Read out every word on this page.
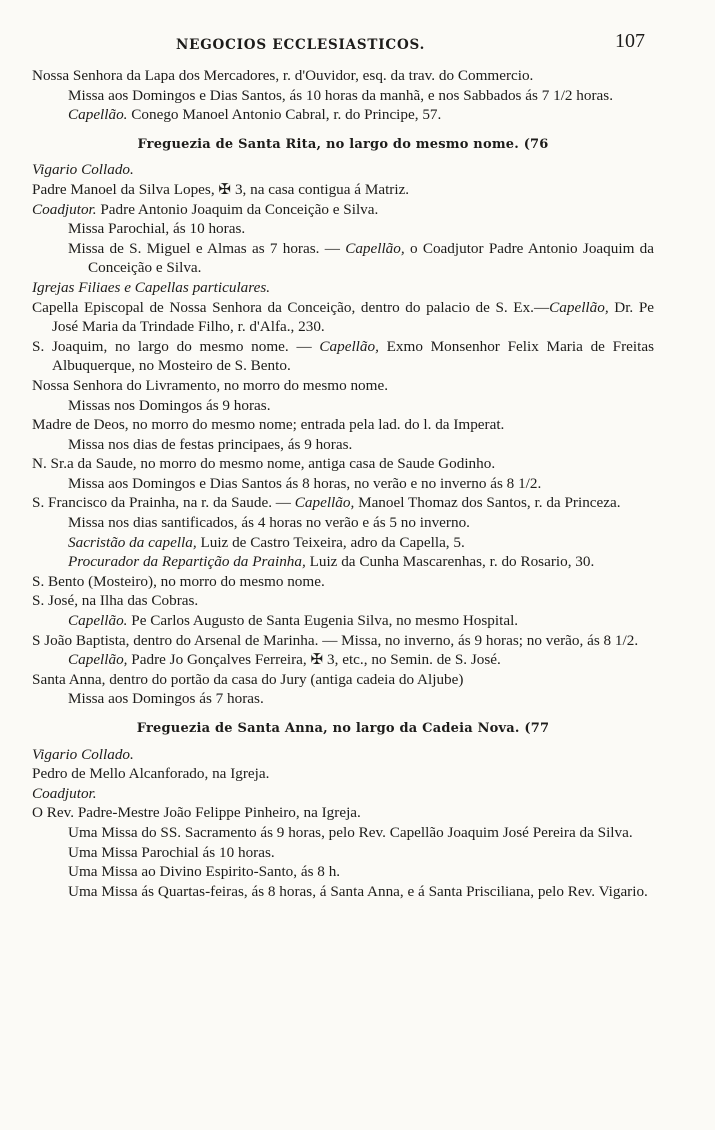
NEGOCIOS ECCLESIASTICOS.	107

Nossa Senhora da Lapa dos Mercadores, r. d'Ouvidor, esq. da trav. do Commercio.

Missa aos Domingos e Dias Santos, ás 10 horas da manhã, e nos Sabbados ás 7 1/2 horas.

Capellão. Conego Manoel Antonio Cabral, r. do Principe, 57.

Freguezia de Santa Rita, no largo do mesmo nome. (76

Vigario Collado.

Padre Manoel da Silva Lopes, ✠ 3, na casa contigua á Matriz.

Coadjutor. Padre Antonio Joaquim da Conceição e Silva.

Missa Parochial, ás 10 horas.

Missa de S. Miguel e Almas as 7 horas. — Capellão, o Coadjutor Padre Antonio Joaquim da Conceição e Silva.

Igrejas Filiaes e Capellas particulares.

Capella Episcopal de Nossa Senhora da Conceição, dentro do palacio de S. Ex.—Capellão, Dr. Pe José Maria da Trindade Filho, r. d'Alfa., 230.

S. Joaquim, no largo do mesmo nome. — Capellão, Exmo Monsenhor Felix Maria de Freitas Albuquerque, no Mosteiro de S. Bento.

Nossa Senhora do Livramento, no morro do mesmo nome.

Missas nos Domingos ás 9 horas.

Madre de Deos, no morro do mesmo nome; entrada pela lad. do l. da Imperat.

Missa nos dias de festas principaes, ás 9 horas.

N. Sr.a da Saude, no morro do mesmo nome, antiga casa de Saude Godinho.

Missa aos Domingos e Dias Santos ás 8 horas, no verão e no inverno ás 8 1/2.

S. Francisco da Prainha, na r. da Saude. — Capellão, Manoel Thomaz dos Santos, r. da Princeza.

Missa nos dias santificados, ás 4 horas no verão e ás 5 no inverno.

Sacristão da capella, Luiz de Castro Teixeira, adro da Capella, 5.

Procurador da Repartição da Prainha, Luiz da Cunha Mascarenhas, r. do Rosario, 30.

S. Bento (Mosteiro), no morro do mesmo nome.

S. José, na Ilha das Cobras.

Capellão. Pe Carlos Augusto de Santa Eugenia Silva, no mesmo Hospital.

S João Baptista, dentro do Arsenal de Marinha. — Missa, no inverno, ás 9 horas; no verão, ás 8 1/2.

Capellão, Padre Jo Gonçalves Ferreira, ✠ 3, etc., no Semin. de S. José.

Santa Anna, dentro do portão da casa do Jury (antiga cadeia do Aljube)

Missa aos Domingos ás 7 horas.

Freguezia de Santa Anna, no largo da Cadeia Nova. (77

Vigario Collado.

Pedro de Mello Alcanforado, na Igreja.

Coadjutor.

O Rev. Padre-Mestre João Felippe Pinheiro, na Igreja.

Uma Missa do SS. Sacramento ás 9 horas, pelo Rev. Capellão Joaquim José Pereira da Silva.

Uma Missa Parochial ás 10 horas.

Uma Missa ao Divino Espirito-Santo, ás 8 h.

Uma Missa ás Quartas-feiras, ás 8 horas, á Santa Anna, e á Santa Prisciliana, pelo Rev. Vigario.
